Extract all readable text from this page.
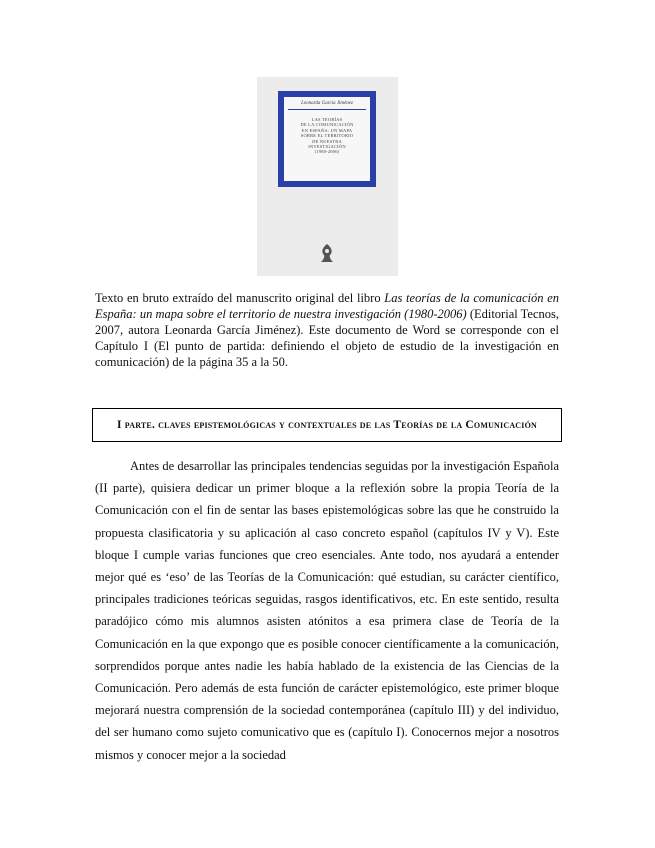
Leonarda García Jiménez
LAS TEORÍAS
DE LA COMUNICACIÓN
EN ESPAÑA: UN MAPA
SOBRE EL TERRITORIO
DE NUESTRA
INVESTIGACIÓN
(1980-2006)

Texto en bruto extraído del manuscrito original del libro Las teorías de la comunicación en España: un mapa sobre el territorio de nuestra investigación (1980-2006) (Editorial Tecnos, 2007, autora Leonarda García Jiménez). Este documento de Word se corresponde con el Capítulo I (El punto de partida: definiendo el objeto de estudio de la investigación en comunicación) de la página 35 a la 50.

I parte. claves epistemológicas y contextuales de las Teorías de la Comunicación

Antes de desarrollar las principales tendencias seguidas por la investigación Española (II parte), quisiera dedicar un primer bloque a la reflexión sobre la propia Teoría de la Comunicación con el fin de sentar las bases epistemológicas sobre las que he construido la propuesta clasificatoria y su aplicación al caso concreto español (capítulos IV y V). Este bloque I cumple varias funciones que creo esenciales. Ante todo, nos ayudará a entender mejor qué es ‘eso’ de las Teorías de la Comunicación: qué estudian, su carácter científico, principales tradiciones teóricas seguidas, rasgos identificativos, etc. En este sentido, resulta paradójico cómo mis alumnos asisten atónitos a esa primera clase de Teoría de la Comunicación en la que expongo que es posible conocer científicamente a la comunicación, sorprendidos porque antes nadie les había hablado de la existencia de las Ciencias de la Comunicación. Pero además de esta función de carácter epistemológico, este primer bloque mejorará nuestra comprensión de la sociedad contemporánea (capítulo III) y del individuo, del ser humano como sujeto comunicativo que es (capítulo I). Conocernos mejor a nosotros mismos y conocer mejor a la sociedad
